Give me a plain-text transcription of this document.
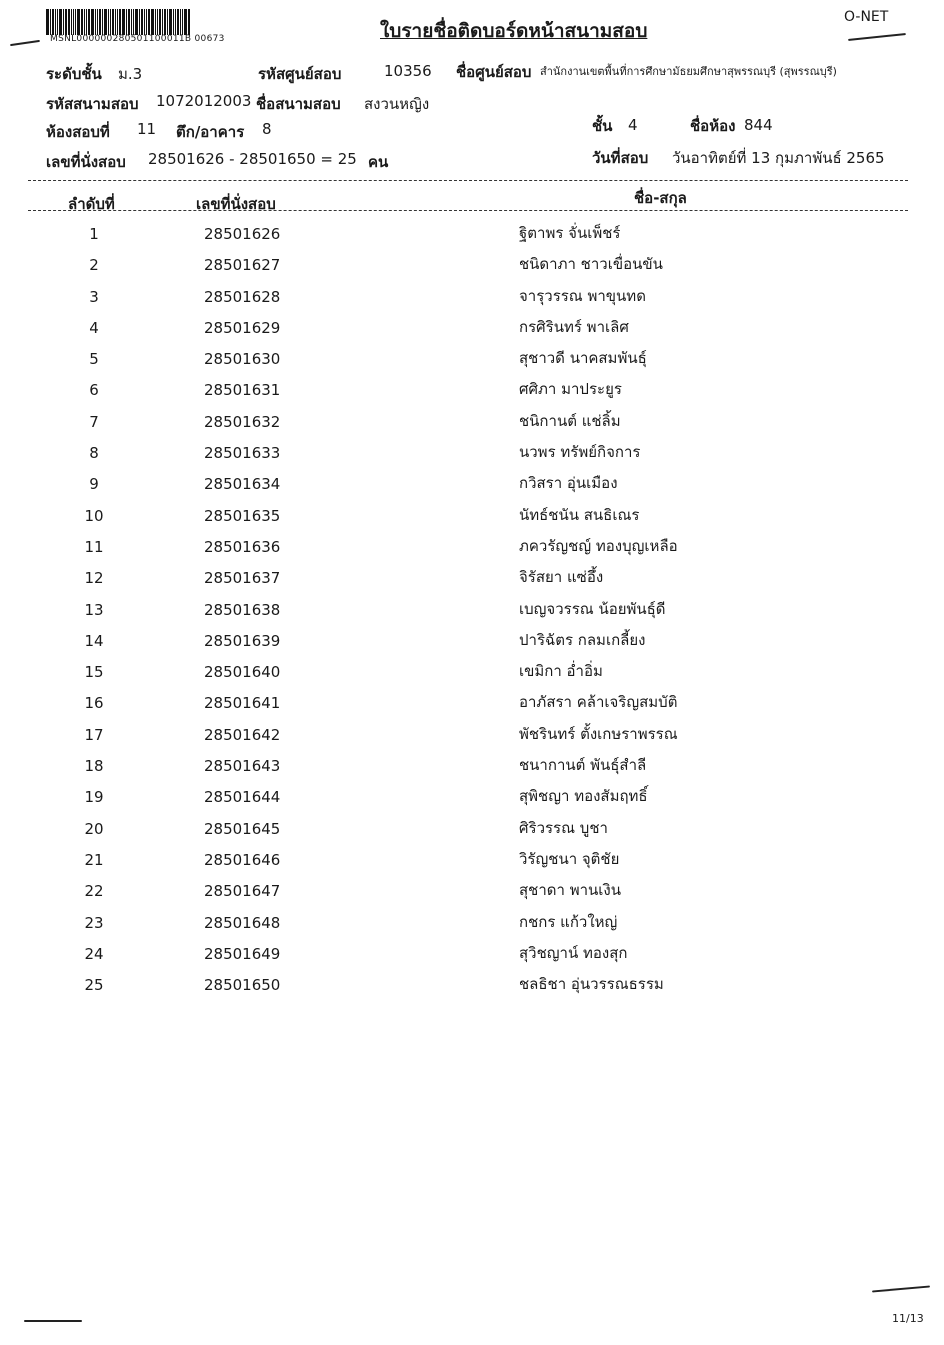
MSNL000000280501100011B 00673	ใบรายชื่อติดบอร์ดหน้าสนามสอบ
O-NET
ระดับชั้น ม.3	รหัสศูนย์สอบ	10356 ชื่อศูนย์สอบ สำนักงานเขตพื้นที่การศึกษามัธยมศึกษาสุพรรณบุรี (สุพรรณบุรี)
รหัสสนามสอบ 1072012003 ชื่อสนามสอบ สงวนหญิง
ห้องสอบที่ 11 ตึก/อาคาร 8	ชั้น 4	ชื่อห้อง 844
เลขที่นั่งสอบ 28501626 - 28501650 = 25 คน	วันที่สอบ วันอาทิตย์ที่ 13 กุมภาพันธ์ 2565
ลำดับที่	เลขที่นั่งสอบ	ชื่อ-สกุล
1	28501626	ฐิตาพร จั่นเพ็ชร์
2	28501627	ชนิดาภา ชาวเขื่อนขัน
3	28501628	จารุวรรณ พาขุนทด
4	28501629	กรศิรินทร์ พาเลิศ
5	28501630	สุชาวดี นาคสมพันธุ์
6	28501631	ศศิภา มาประยูร
7	28501632	ชนิกานต์ แช่ลิ้ม
8	28501633	นวพร ทรัพย์กิจการ
9	28501634	กวิสรา อุ่นเมือง
10	28501635	นัทธ์ชนัน สนธิเณร
11	28501636	ภควรัญชญ์ ทองบุญเหลือ
12	28501637	จิรัสยา แซ่อึ้ง
13	28501638	เบญจวรรณ น้อยพันธุ์ดี
14	28501639	ปาริฉัตร กลมเกลี้ยง
15	28501640	เขมิกา อ่ำอิ่ม
16	28501641	อาภัสรา คล้าเจริญสมบัติ
17	28501642	พัชรินทร์ ตั้งเกษราพรรณ
18	28501643	ชนากานต์ พันธุ์สำลี
19	28501644	สุพิชญา ทองสัมฤทธิ์
20	28501645	ศิริวรรณ บูชา
21	28501646	วิรัญชนา จุติชัย
22	28501647	สุชาดา พานเงิน
23	28501648	กชกร แก้วใหญ่
24	28501649	สุวิชญาน์ ทองสุก
25	28501650	ชลธิชา อุ่นวรรณธรรม
11/13
